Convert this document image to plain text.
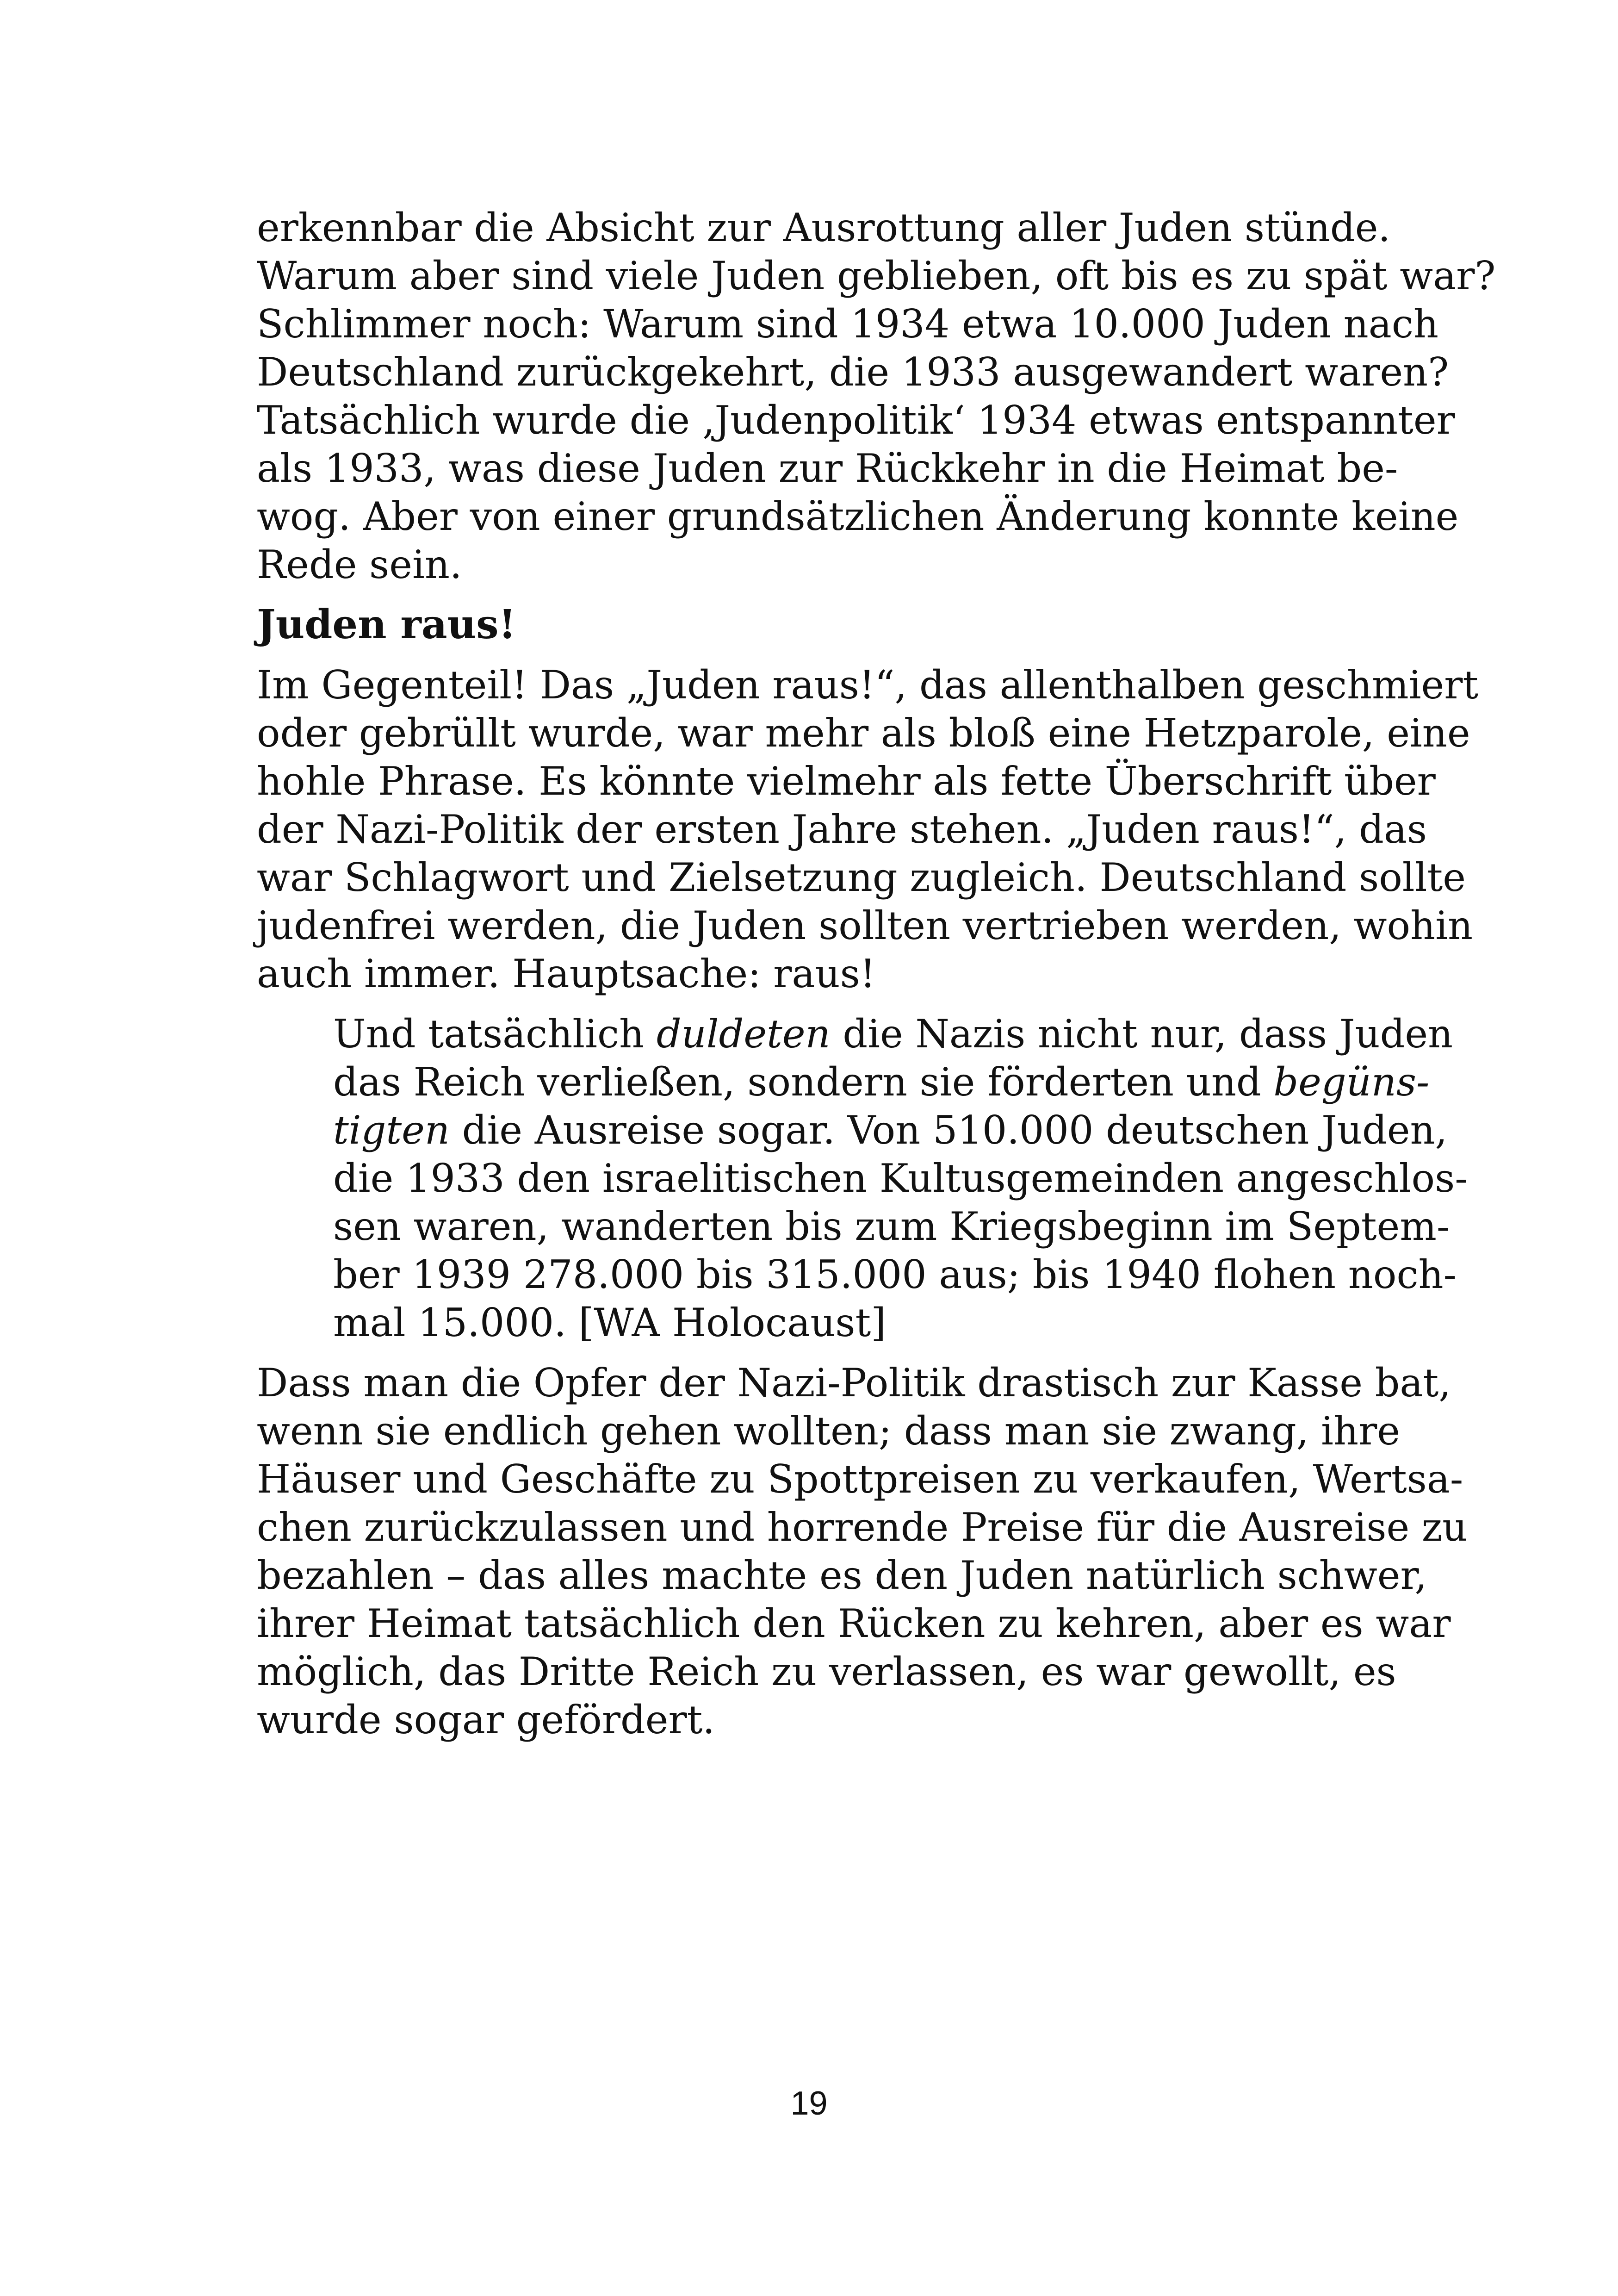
erkennbar die Absicht zur Ausrottung aller Juden stünde.
Warum aber sind viele Juden geblieben, oft bis es zu spät war?
Schlimmer noch: Warum sind 1934 etwa 10.000 Juden nach
Deutschland zurückgekehrt, die 1933 ausgewandert waren?
Tatsächlich wurde die ‚Judenpolitik‘ 1934 etwas entspannter
als 1933, was diese Juden zur Rückkehr in die Heimat be-
wog. Aber von einer grundsätzlichen Änderung konnte keine
Rede sein.
Juden raus!
Im Gegenteil! Das „Juden raus!“, das allenthalben geschmiert
oder gebrüllt wurde, war mehr als bloß eine Hetzparole, eine
hohle Phrase. Es könnte vielmehr als fette Überschrift über
der Nazi-Politik der ersten Jahre stehen. „Juden raus!“, das
war Schlagwort und Zielsetzung zugleich. Deutschland sollte
judenfrei werden, die Juden sollten vertrieben werden, wohin
auch immer. Hauptsache: raus!
Und tatsächlich duldeten die Nazis nicht nur, dass Juden
das Reich verließen, sondern sie förderten und begüns-
tigten die Ausreise sogar. Von 510.000 deutschen Juden,
die 1933 den israelitischen Kultusgemeinden angeschlos-
sen waren, wanderten bis zum Kriegsbeginn im Septem-
ber 1939 278.000 bis 315.000 aus; bis 1940 flohen noch-
mal 15.000. [WA Holocaust]
Dass man die Opfer der Nazi-Politik drastisch zur Kasse bat,
wenn sie endlich gehen wollten; dass man sie zwang, ihre
Häuser und Geschäfte zu Spottpreisen zu verkaufen, Wertsa-
chen zurückzulassen und horrende Preise für die Ausreise zu
bezahlen – das alles machte es den Juden natürlich schwer,
ihrer Heimat tatsächlich den Rücken zu kehren, aber es war
möglich, das Dritte Reich zu verlassen, es war gewollt, es
wurde sogar gefördert.
19
